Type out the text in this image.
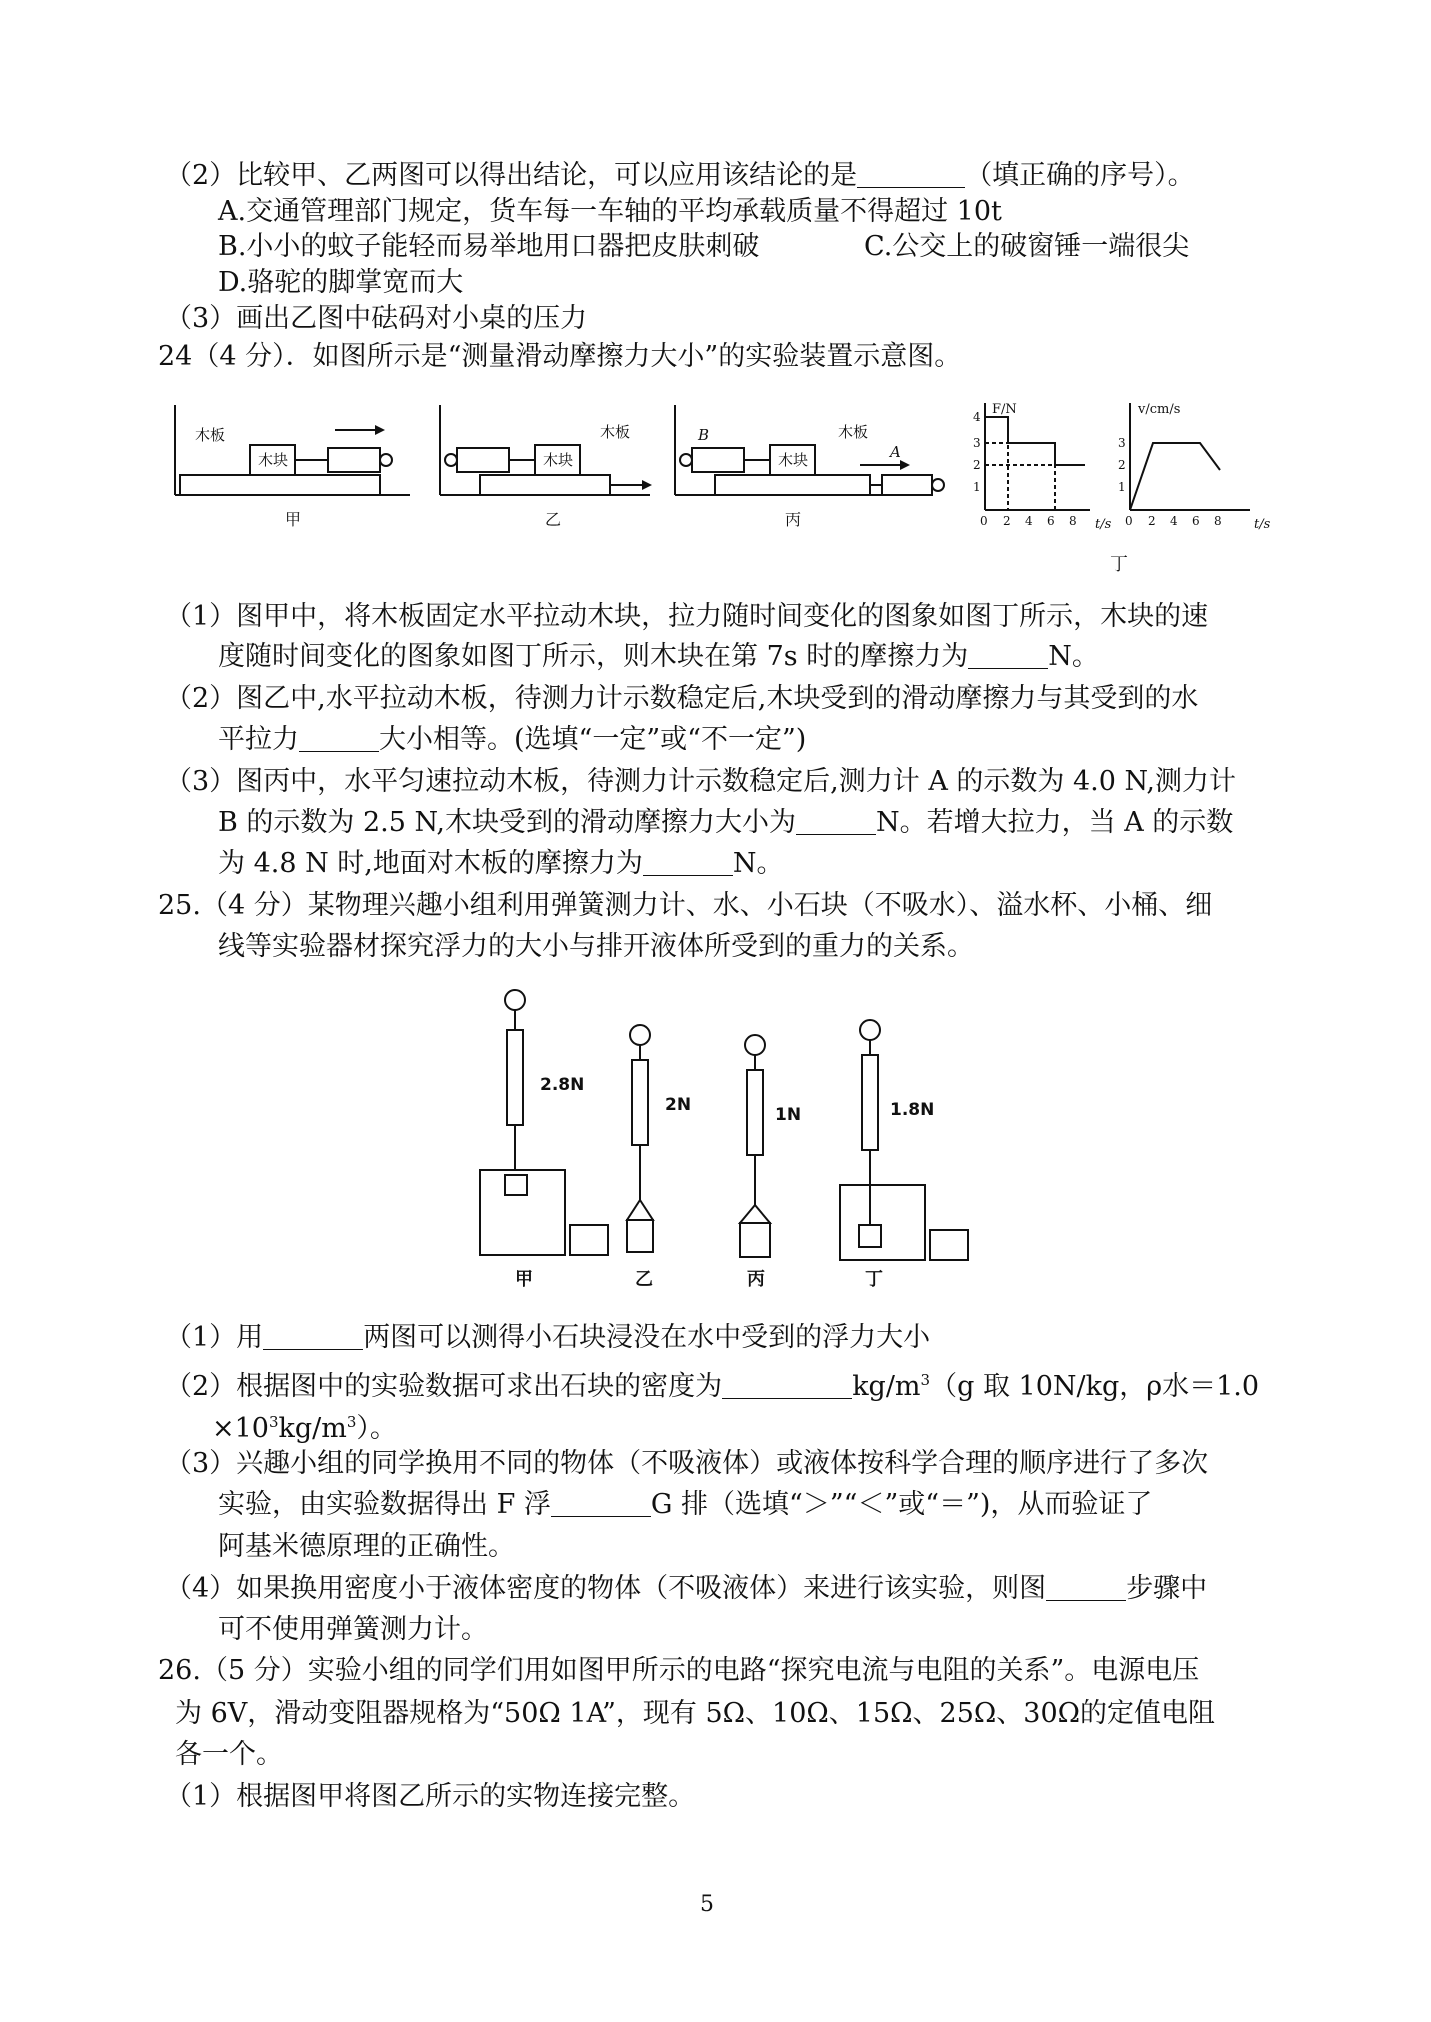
（2）比较甲、乙两图可以得出结论，可以应用该结论的是	（填正确的序号）。
A.交通管理部门规定，货车每一车轴的平均承载质量不得超过 10t
B.小小的蚊子能轻而易举地用口器把皮肤刺破	C.公交上的破窗锤一端很尖
D.骆驼的脚掌宽而大
（3）画出乙图中砝码对小桌的压力
24（4 分）．如图所示是“测量滑动摩擦力大小”的实验装置示意图。
木板
木块	木块
木板
木块
木板
B
A
F/N	v/cm/s
t/s	t/s
1
2
3
4
1
2
3
0 2 4 6 8	0 2 4 6 8
甲	乙	丙
丁
（1）图甲中，将木板固定水平拉动木块，拉力随时间变化的图象如图丁所示，木块的速
度随时间变化的图象如图丁所示，则木块在第 7s 时的摩擦力为	N。
（2）图乙中,水平拉动木板，待测力计示数稳定后,木块受到的滑动摩擦力与其受到的水
平拉力	大小相等。(选填“一定”或“不一定”)
（3）图丙中，水平匀速拉动木板，待测力计示数稳定后,测力计 A 的示数为 4.0 N,测力计
B 的示数为 2.5 N,木块受到的滑动摩擦力大小为	N。若增大拉力，当 A 的示数
为 4.8 N 时,地面对木板的摩擦力为	N。
25.（4 分）某物理兴趣小组利用弹簧测力计、水、小石块（不吸水）、溢水杯、小桶、细
线等实验器材探究浮力的大小与排开液体所受到的重力的关系。
2.8N
2N	1N	1.8N
甲	乙	丙	丁
（1）用	两图可以测得小石块浸没在水中受到的浮力大小
（2）根据图中的实验数据可求出石块的密度为	$kg/m^3(g$ 取 10N/kg，ρ水＝1.0
$\times 10^3kg/m^3$）。
（3）兴趣小组的同学换用不同的物体（不吸液体）或液体按科学合理的顺序进行了多次
实验，由实验数据得出 F 浮	G 排（选填“＞”“＜”或“＝”)，从而验证了
阿基米德原理的正确性。
（4）如果换用密度小于液体密度的物体（不吸液体）来进行该实验，则图	步骤中
可不使用弹簧测力计。
26.（5 分）实验小组的同学们用如图甲所示的电路“探究电流与电阻的关系”。电源电压
为 6V，滑动变阻器规格为“50Ω 1A”，现有 5Ω、10Ω、15Ω、25Ω、30Ω的定值电阻
各一个。
（1）根据图甲将图乙所示的实物连接完整。
5
